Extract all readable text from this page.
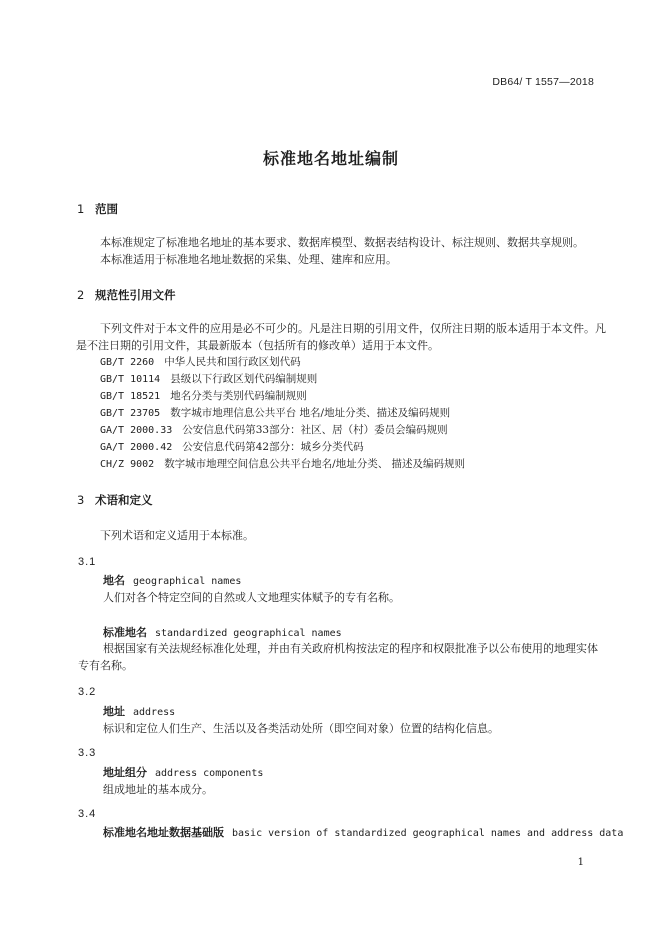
DB64/ T 1557—2018
标准地名地址编制
1 范围
本标准规定了标准地名地址的基本要求、数据库模型、数据表结构设计、标注规则、数据共享规则。
本标准适用于标准地名地址数据的采集、处理、建库和应用。
2 规范性引用文件
下列文件对于本文件的应用是必不可少的。凡是注日期的引用文件，仅所注日期的版本适用于本文件。凡是不注日期的引用文件，其最新版本（包括所有的修改单）适用于本文件。
GB/T 2260 中华人民共和国行政区划代码
GB/T 10114 县级以下行政区划代码编制规则
GB/T 18521 地名分类与类别代码编制规则
GB/T 23705 数字城市地理信息公共平台 地名/地址分类、描述及编码规则
GA/T 2000.33 公安信息代码第33部分：社区、居（村）委员会编码规则
GA/T 2000.42 公安信息代码第42部分：城乡分类代码
CH/Z 9002 数字城市地理空间信息公共平台地名/地址分类、 描述及编码规则
3 术语和定义
下列术语和定义适用于本标准。
3.1
地名 geographical names
人们对各个特定空间的自然或人文地理实体赋予的专有名称。
标准地名 standardized geographical names
根据国家有关法规经标准化处理，并由有关政府机构按法定的程序和权限批准予以公布使用的地理实体专有名称。
3.2
地址 address
标识和定位人们生产、生活以及各类活动处所（即空间对象）位置的结构化信息。
3.3
地址组分 address components
组成地址的基本成分。
3.4
标准地名地址数据基础版 basic version of standardized geographical names and address data
1
